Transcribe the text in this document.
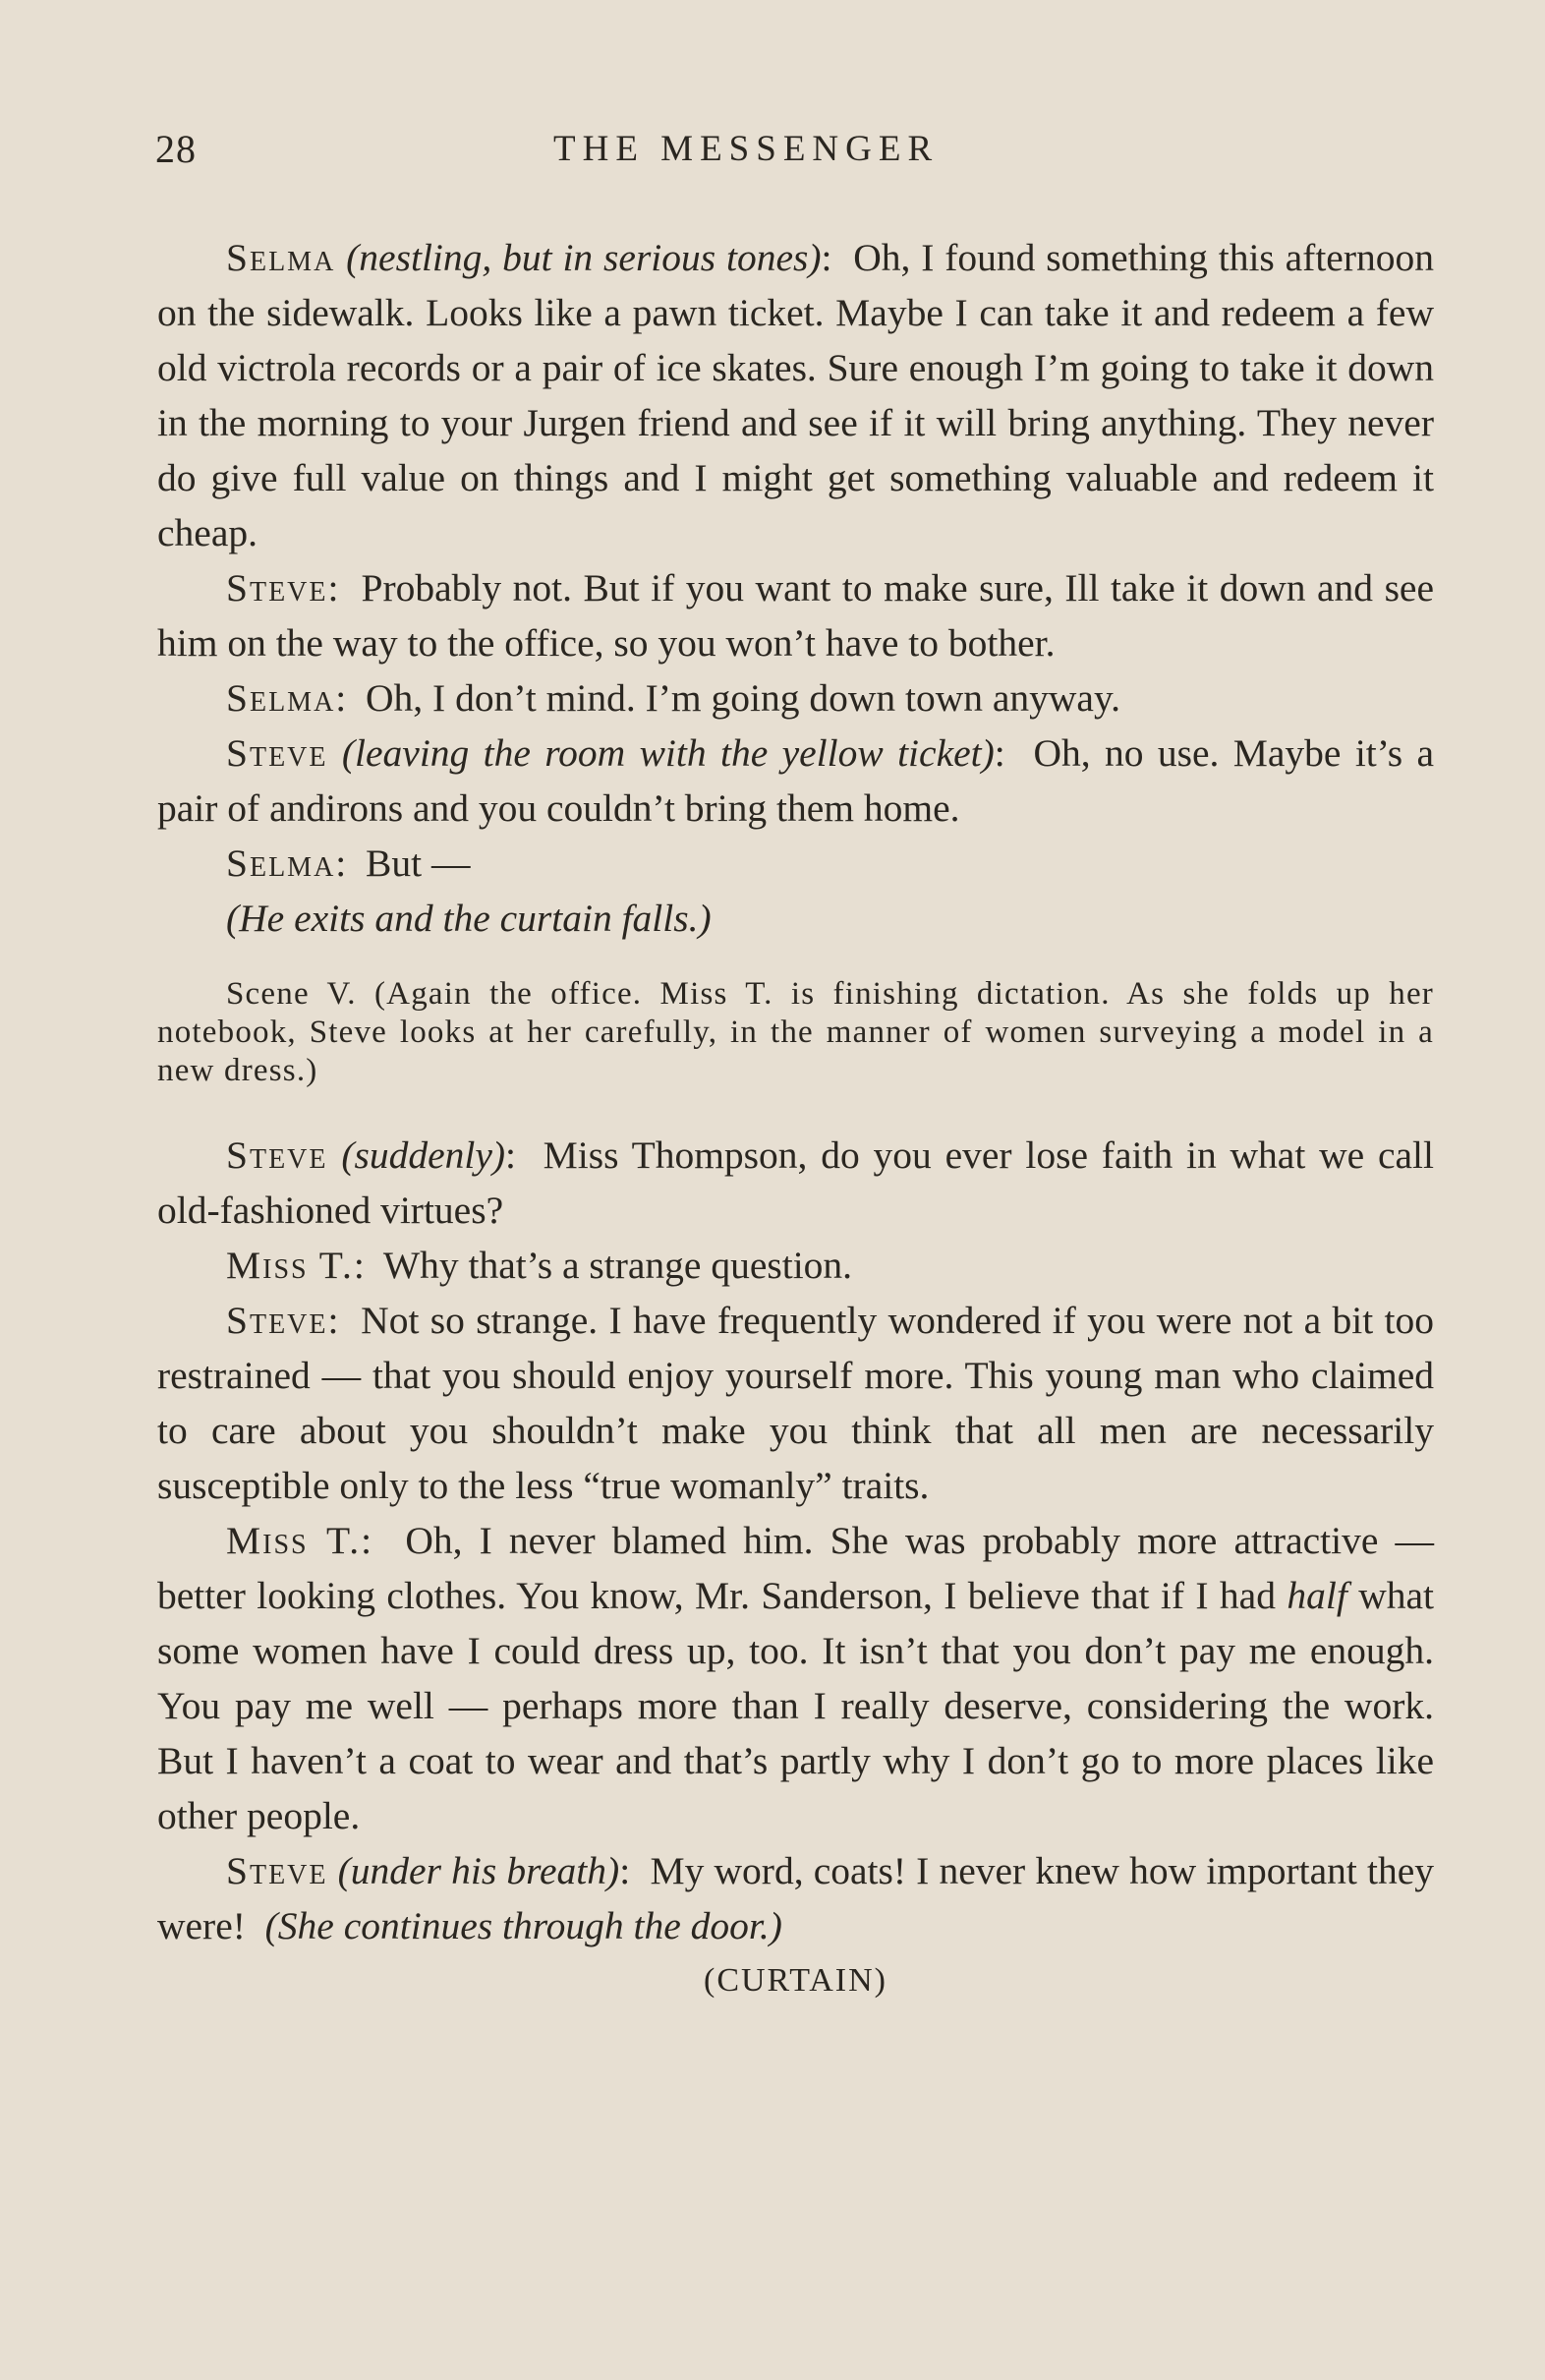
28	THE MESSENGER

Selma (nestling, but in serious tones): Oh, I found something this afternoon on the sidewalk. Looks like a pawn ticket. Maybe I can take it and redeem a few old victrola records or a pair of ice skates. Sure enough I’m going to take it down in the morning to your Jurgen friend and see if it will bring anything. They never do give full value on things and I might get something valuable and redeem it cheap.

Steve: Probably not. But if you want to make sure, Ill take it down and see him on the way to the office, so you won’t have to bother.

Selma: Oh, I don’t mind. I’m going down town anyway.

Steve (leaving the room with the yellow ticket): Oh, no use. Maybe it’s a pair of andirons and you couldn’t bring them home.

Selma: But —

(He exits and the curtain falls.)

Scene V. (Again the office. Miss T. is finishing dictation. As she folds up her notebook, Steve looks at her carefully, in the manner of women surveying a model in a new dress.)

Steve (suddenly): Miss Thompson, do you ever lose faith in what we call old-fashioned virtues?

Miss T.: Why that’s a strange question.

Steve: Not so strange. I have frequently wondered if you were not a bit too restrained — that you should enjoy yourself more. This young man who claimed to care about you shouldn’t make you think that all men are necessarily susceptible only to the less “true womanly” traits.

Miss T.: Oh, I never blamed him. She was probably more attractive — better looking clothes. You know, Mr. Sanderson, I believe that if I had half what some women have I could dress up, too. It isn’t that you don’t pay me enough. You pay me well — perhaps more than I really deserve, considering the work. But I haven’t a coat to wear and that’s partly why I don’t go to more places like other people.

Steve (under his breath): My word, coats! I never knew how important they were! (She continues through the door.)

(CURTAIN)
